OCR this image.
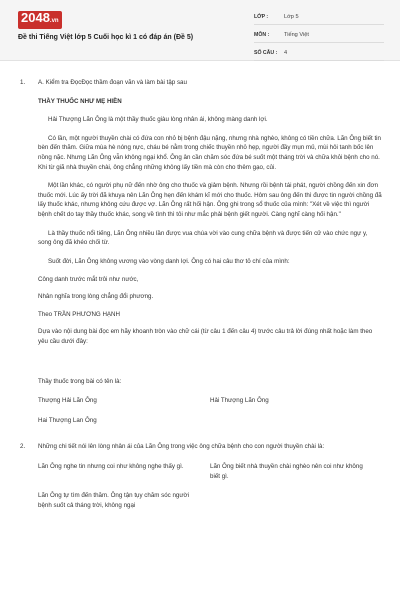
2048.vn
Đề thi Tiếng Việt lớp 5 Cuối học kì 1 có đáp án (Đề 5)
LỚP :	Lớp 5
MÔN :	Tiếng Việt
SỐ CÂU :	4
1.	A. Kiểm tra ĐọcĐọc thầm đoạn văn và làm bài tập sau

THẦY THUỐC NHƯ MẸ HIỀN

Hải Thượng Lãn Ông là một thầy thuốc giàu lòng nhân ái, không màng danh lợi.

Có lần, một người thuyền chài có đứa con nhỏ bị bệnh đậu nặng, nhưng nhà nghèo, không có tiền chữa. Lãn Ông biết tin bèn đến thăm. Giữa mùa hè nóng nực, cháu bé nằm trong chiếc thuyền nhỏ hẹp, người đầy mụn mủ, mùi hôi tanh bốc lên nồng nặc. Nhưng Lãn Ông vẫn không ngại khổ. Ông ân cần chăm sóc đứa bé suốt một tháng trời và chữa khỏi bệnh cho nó. Khi từ giã nhà thuyền chài, ông chẳng những không lấy tiền mà còn cho thêm gạo, củi.

Một lần khác, có người phụ nữ đến nhờ ông cho thuốc và giảm bệnh. Nhưng rồi bệnh tái phát, người chồng đến xin đơn thuốc mới. Lúc ấy trời đã khuya nên Lãn Ông hẹn đến khám kĩ mới cho thuốc. Hôm sau ông đến thì được tin người chồng đã lấy thuốc khác, nhưng không cứu được vợ. Lãn Ông rất hối hận. Ông ghi trong sổ thuốc của mình: "Xét về việc thì người bệnh chết do tay thầy thuốc khác, song về tình thì tôi như mắc phải bệnh giết người. Càng nghĩ càng hối hận."

Là thầy thuốc nổi tiếng, Lãn Ông nhiều lần được vua chúa vời vào cung chữa bệnh và được tiến cử vào chức ngự y, song ông đã khéo chối từ.

Suốt đời, Lãn Ông không vương vào vòng danh lợi. Ông có hai câu thơ tỏ chí của mình:

Công danh trước mắt trôi như nước,

Nhân nghĩa trong lòng chẳng đổi phương.

Theo TRẦN PHƯƠNG HẠNH

Dựa vào nội dung bài đọc em hãy khoanh tròn vào chữ cái (từ câu 1 đến câu 4) trước câu trả lời đúng nhất hoặc làm theo yêu cầu dưới đây:

Thầy thuốc trong bài có tên là:

Thượng Hải Lãn Ông	Hải Thượng Lãn Ông
Hai Thượng Lan Ông
2.	Những chi tiết nói lên lòng nhân ái của Lãn Ông trong việc ông chữa bệnh cho con người thuyền chài là:

Lãn Ông nghe tin nhưng coi như không nghe thấy gì.	Lãn Ông biết nhà thuyền chài nghèo nên coi như không biết gì.
Lãn Ông tự tìm đến thăm. Ông tận tụy chăm sóc người bệnh suốt cả tháng trời, không ngại
